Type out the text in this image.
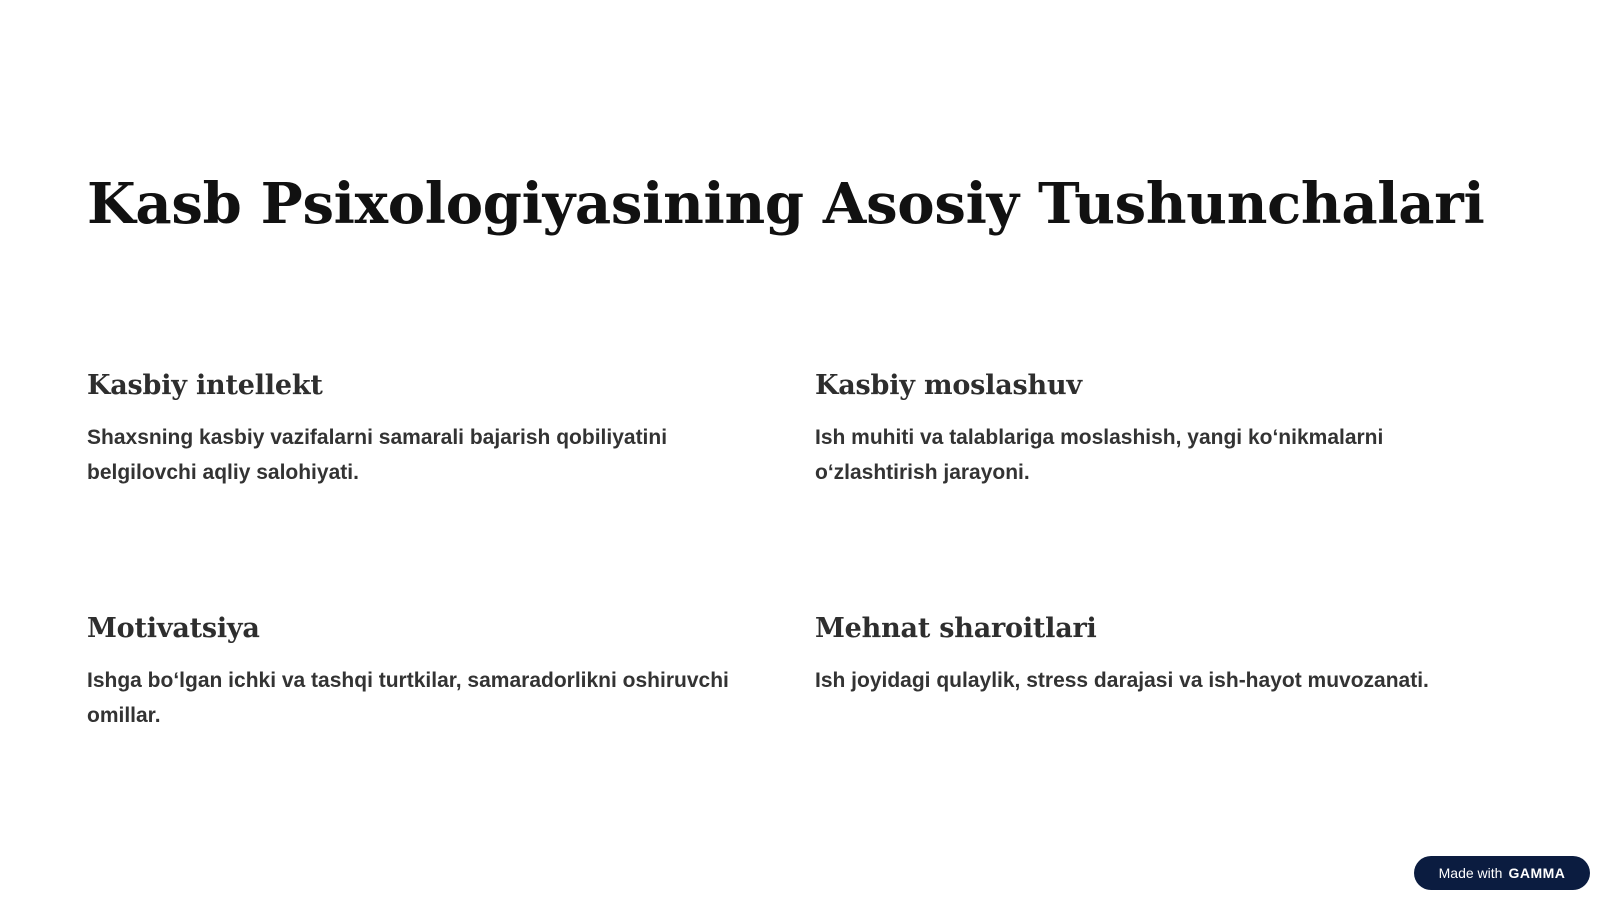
Kasb Psixologiyasining Asosiy Tushunchalari
Kasbiy intellekt

Shaxsning kasbiy vazifalarni samarali bajarish qobiliyatini belgilovchi aqliy salohiyati.

Kasbiy moslashuv

Ish muhiti va talablariga moslashish, yangi ko‘nikmalarni o‘zlashtirish jarayoni.

Motivatsiya

Ishga bo‘lgan ichki va tashqi turtkilar, samaradorlikni oshiruvchi omillar.

Mehnat sharoitlari

Ish joyidagi qulaylik, stress darajasi va ish-hayot muvozanati.

Made with GAMMA
